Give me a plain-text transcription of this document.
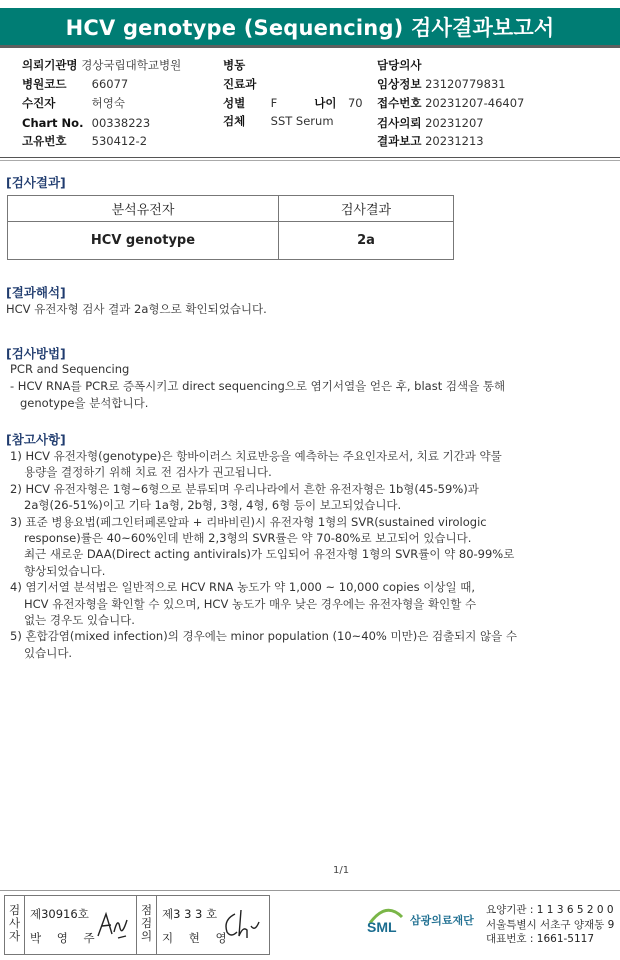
HCV genotype (Sequencing) 검사결과보고서
의뢰기관명 경상국립대학교병원
병원코드 66077
수진자	허영숙
Chart No. 00338223
고유번호 530412-2
병동
진료과
성별 F	나이 70
검체 SST Serum
담당의사
임상정보 23120779831
접수번호 20231207-46407
검사의뢰 20231207
결과보고 20231213
[검사결과]
분석유전자	검사결과
HCV genotype	2a
[결과해석]
HCV 유전자형 검사 결과 2a형으로 확인되었습니다.
[검사방법]
PCR and Sequencing
- HCV RNA를 PCR로 증폭시키고 direct sequencing으로 염기서열을 얻은 후, blast 검색을 통해
genotype을 분석합니다.
[참고사항]
1) HCV 유전자형(genotype)은 항바이러스 치료반응을 예측하는 주요인자로서, 치료 기간과 약물
용량을 결정하기 위해 치료 전 검사가 권고됩니다.
2) HCV 유전자형은 1형~6형으로 분류되며 우리나라에서 흔한 유전자형은 1b형(45-59%)과
2a형(26-51%)이고 기타 1a형, 2b형, 3형, 4형, 6형 등이 보고되었습니다.
3) 표준 병용요법(페그인터페론알파 + 리바비린)시 유전자형 1형의 SVR(sustained virologic
response)률은 40~60%인데 반해 2,3형의 SVR률은 약 70-80%로 보고되어 있습니다.
최근 새로운 DAA(Direct acting antivirals)가 도입되어 유전자형 1형의 SVR률이 약 80-99%로
향상되었습니다.
4) 염기서열 분석법은 일반적으로 HCV RNA 농도가 약 1,000 ~ 10,000 copies 이상일 때,
HCV 유전자형을 확인할 수 있으며, HCV 농도가 매우 낮은 경우에는 유전자형을 확인할 수
없는 경우도 있습니다.
5) 혼합감염(mixed infection)의 경우에는 minor population (10~40% 미만)은 검출되지 않을 수
있습니다.
1/1
검사자
제30916호
박 영 주
점검의
제3 3 3 호
지 현 영
SML 삼광의료재단
요양기관 : 1 1 3 6 5 2 0 0
서울특별시 서초구 양재동 9
대표번호 : 1661-5117
